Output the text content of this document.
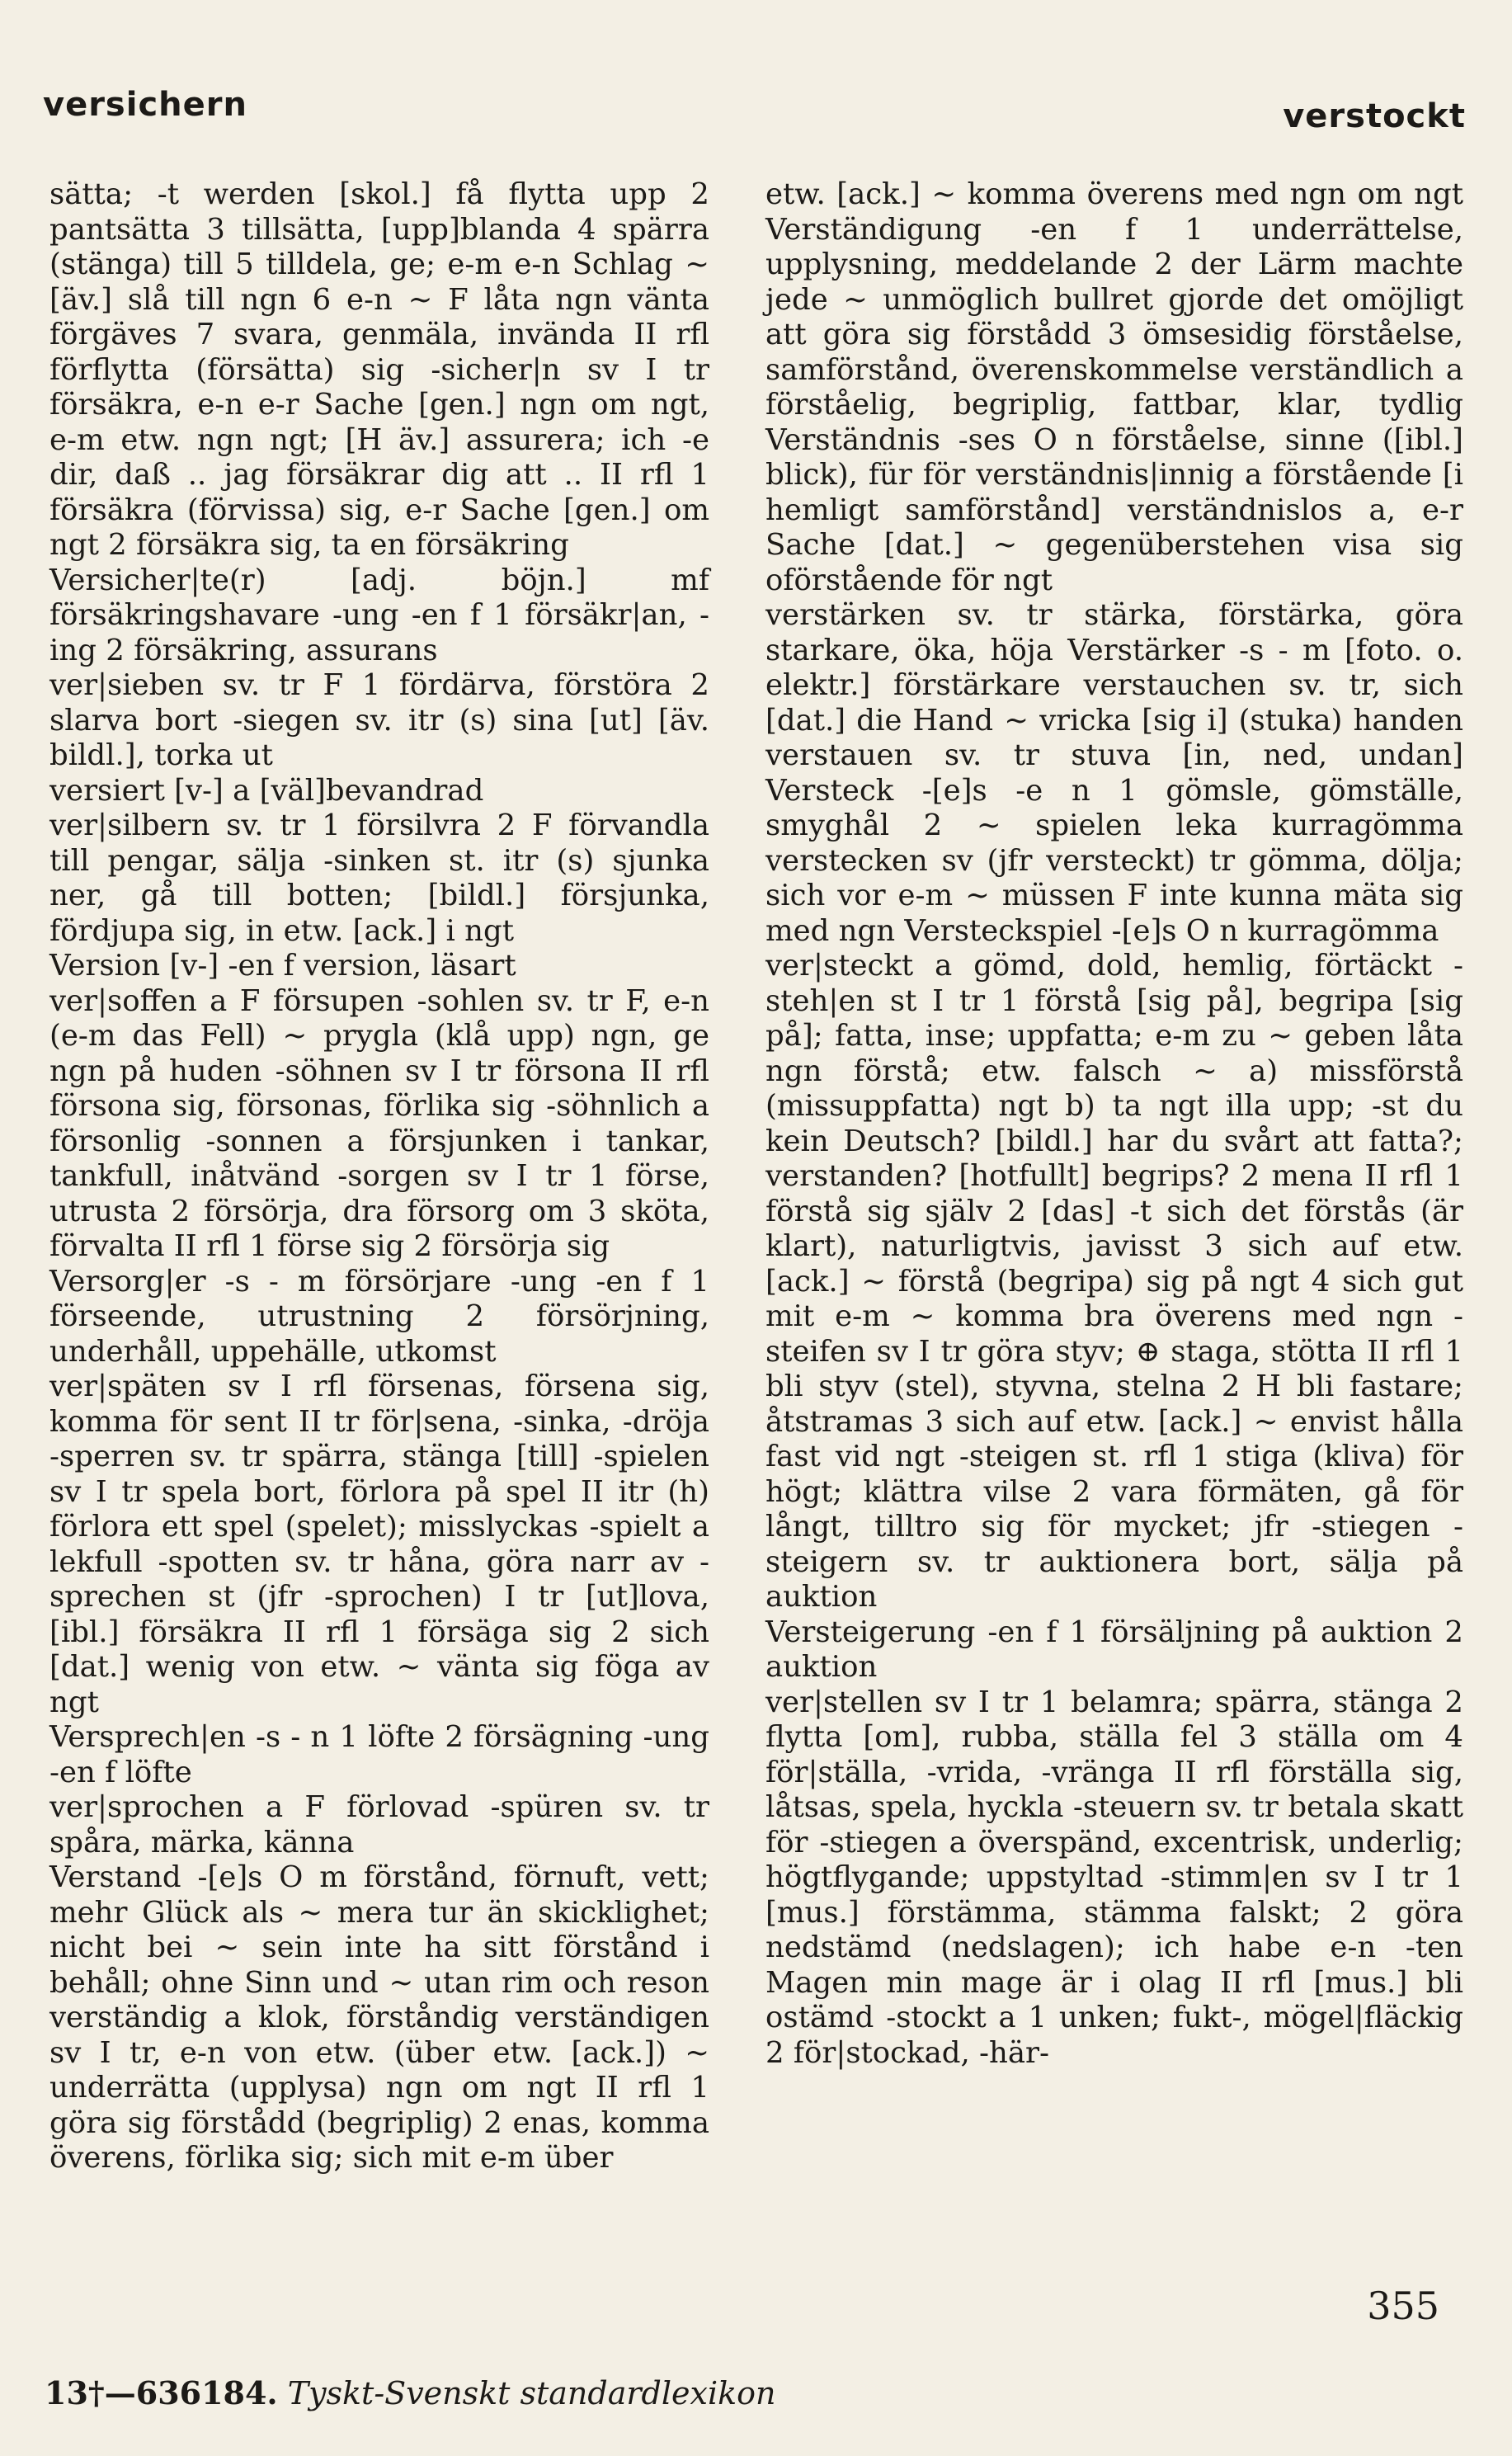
versichern	verstockt

sätta; -t werden [skol.] få flytta upp 2 pantsätta 3 tillsätta, [upp]blanda 4 spärra (stänga) till 5 tilldela, ge; e-m e-n Schlag ~ [äv.] slå till ngn 6 e-n ~ F låta ngn vänta förgäves 7 svara, genmäla, invända II rfl förflytta (försätta) sig -sicher|n sv I tr försäkra, e-n e-r Sache [gen.] ngn om ngt, e-m etw. ngn ngt; [H äv.] assurera; ich -e dir, daß .. jag försäkrar dig att .. II rfl 1 försäkra (förvissa) sig, e-r Sache [gen.] om ngt 2 försäkra sig, ta en försäkring

Versicher|te(r) [adj. böjn.] mf försäkringshavare -ung -en f 1 försäkr|an, -ing 2 försäkring, assurans

ver|sieben sv. tr F 1 fördärva, förstöra 2 slarva bort -siegen sv. itr (s) sina [ut] [äv. bildl.], torka ut

versiert [v-] a [väl]bevandrad

ver|silbern sv. tr 1 försilvra 2 F förvandla till pengar, sälja -sinken st. itr (s) sjunka ner, gå till botten; [bildl.] försjunka, fördjupa sig, in etw. [ack.] i ngt

Version [v-] -en f version, läsart

ver|soffen a F försupen -sohlen sv. tr F, e-n (e-m das Fell) ~ prygla (klå upp) ngn, ge ngn på huden -söhnen sv I tr försona II rfl försona sig, försonas, förlika sig -söhnlich a försonlig -sonnen a försjunken i tankar, tankfull, inåtvänd -sorgen sv I tr 1 förse, utrusta 2 försörja, dra försorg om 3 sköta, förvalta II rfl 1 förse sig 2 försörja sig

Versorg|er -s - m försörjare -ung -en f 1 förseende, utrustning 2 försörjning, underhåll, uppehälle, utkomst

ver|späten sv I rfl försenas, försena sig, komma för sent II tr för|sena, -sinka, -dröja -sperren sv. tr spärra, stänga [till] -spielen sv I tr spela bort, förlora på spel II itr (h) förlora ett spel (spelet); misslyckas -spielt a lekfull -spotten sv. tr håna, göra narr av -sprechen st (jfr -sprochen) I tr [ut]lova, [ibl.] försäkra II rfl 1 försäga sig 2 sich [dat.] wenig von etw. ~ vänta sig föga av ngt

Versprech|en -s - n 1 löfte 2 försägning -ung -en f löfte

ver|sprochen a F förlovad -spüren sv. tr spåra, märka, känna

Verstand -[e]s O m förstånd, förnuft, vett; mehr Glück als ~ mera tur än skicklighet; nicht bei ~ sein inte ha sitt förstånd i behåll; ohne Sinn und ~ utan rim och reson verständig a klok, förståndig verständigen sv I tr, e-n von etw. (über etw. [ack.]) ~ underrätta (upplysa) ngn om ngt II rfl 1 göra sig förstådd (begriplig) 2 enas, komma överens, förlika sig; sich mit e-m über

etw. [ack.] ~ komma överens med ngn om ngt Verständigung -en f 1 underrättelse, upplysning, meddelande 2 der Lärm machte jede ~ unmöglich bullret gjorde det omöjligt att göra sig förstådd 3 ömsesidig förståelse, samförstånd, överenskommelse verständlich a förståelig, begriplig, fattbar, klar, tydlig Verständnis -ses O n förståelse, sinne ([ibl.] blick), für för verständnis|innig a förstående [i hemligt samförstånd] verständnislos a, e-r Sache [dat.] ~ gegenüberstehen visa sig oförstående för ngt

verstärken sv. tr stärka, förstärka, göra starkare, öka, höja Verstärker -s - m [foto. o. elektr.] förstärkare verstauchen sv. tr, sich [dat.] die Hand ~ vricka [sig i] (stuka) handen verstauen sv. tr stuva [in, ned, undan] Versteck -[e]s -e n 1 gömsle, gömställe, smyghål 2 ~ spielen leka kurragömma verstecken sv (jfr versteckt) tr gömma, dölja; sich vor e-m ~ müssen F inte kunna mäta sig med ngn Versteckspiel -[e]s O n kurragömma

ver|steckt a gömd, dold, hemlig, förtäckt -steh|en st I tr 1 förstå [sig på], begripa [sig på]; fatta, inse; uppfatta; e-m zu ~ geben låta ngn förstå; etw. falsch ~ a) missförstå (missuppfatta) ngt b) ta ngt illa upp; -st du kein Deutsch? [bildl.] har du svårt att fatta?; verstanden? [hotfullt] begrips? 2 mena II rfl 1 förstå sig själv 2 [das] -t sich det förstås (är klart), naturligtvis, javisst 3 sich auf etw. [ack.] ~ förstå (begripa) sig på ngt 4 sich gut mit e-m ~ komma bra överens med ngn -steifen sv I tr göra styv; ⊕ staga, stötta II rfl 1 bli styv (stel), styvna, stelna 2 H bli fastare; åtstramas 3 sich auf etw. [ack.] ~ envist hålla fast vid ngt -steigen st. rfl 1 stiga (kliva) för högt; klättra vilse 2 vara förmäten, gå för långt, tilltro sig för mycket; jfr -stiegen -steigern sv. tr auktionera bort, sälja på auktion

Versteigerung -en f 1 försäljning på auktion 2 auktion

ver|stellen sv I tr 1 belamra; spärra, stänga 2 flytta [om], rubba, ställa fel 3 ställa om 4 för|ställa, -vrida, -vränga II rfl förställa sig, låtsas, spela, hyckla -steuern sv. tr betala skatt för -stiegen a överspänd, excentrisk, underlig; högtflygande; uppstyltad -stimm|en sv I tr 1 [mus.] förstämma, stämma falskt; 2 göra nedstämd (nedslagen); ich habe e-n -ten Magen min mage är i olag II rfl [mus.] bli ostämd -stockt a 1 unken; fukt-, mögel|fläckig 2 för|stockad, -här-

355
13†—636184. Tyskt-Svenskt standardlexikon
